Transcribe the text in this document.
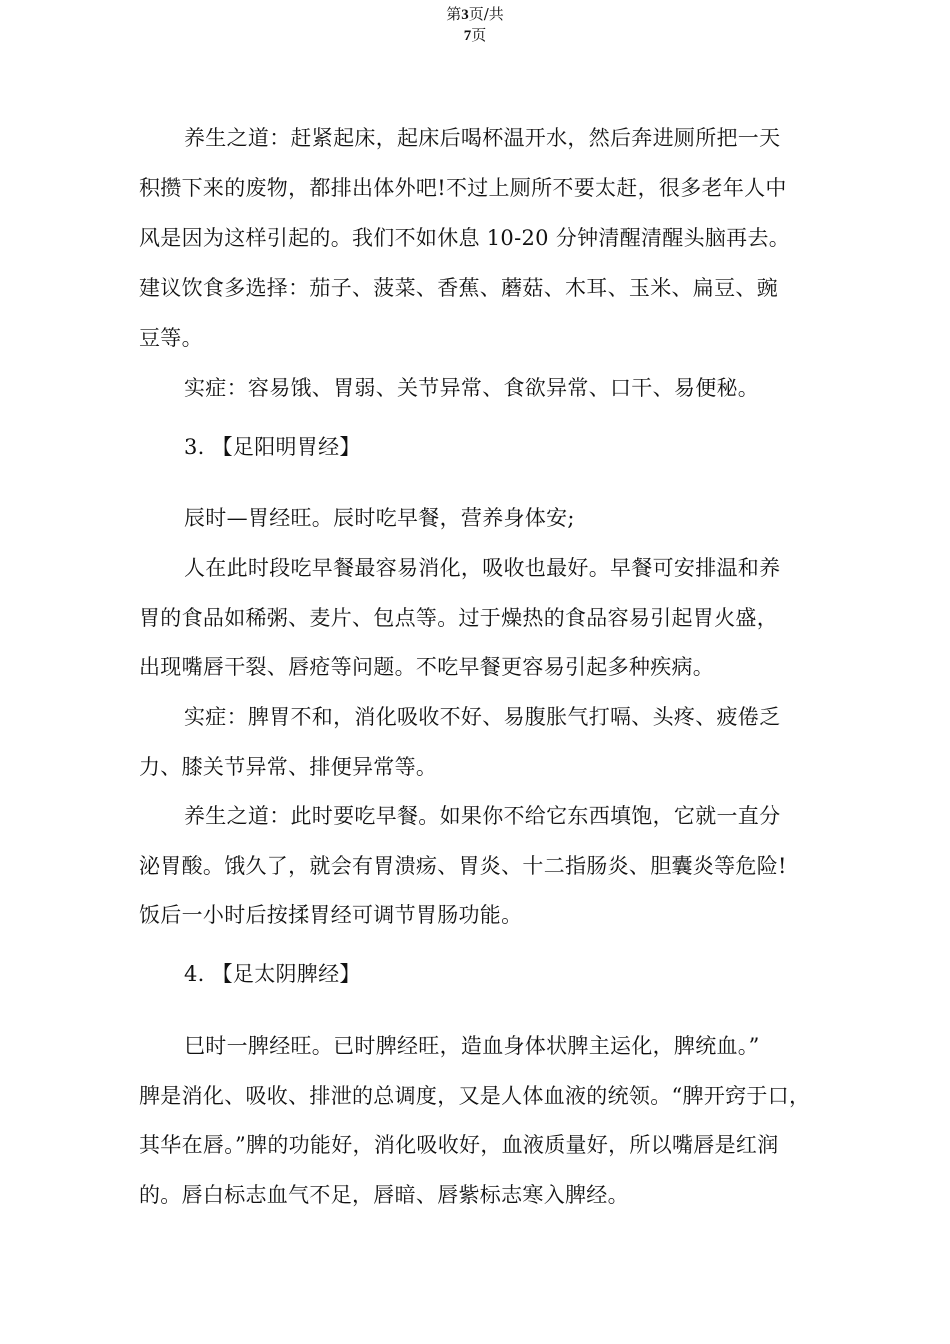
第3页/共
7页
养生之道：赶紧起床，起床后喝杯温开水，然后奔进厕所把一天
积攒下来的废物，都排出体外吧!不过上厕所不要太赶，很多老年人中
风是因为这样引起的。我们不如休息 10-20 分钟清醒清醒头脑再去。
建议饮食多选择：茄子、菠菜、香蕉、蘑菇、木耳、玉米、扁豆、豌
豆等。
实症：容易饿、胃弱、关节异常、食欲异常、口干、易便秘。
3. 【足阳明胃经】
辰时—胃经旺。辰时吃早餐，营养身体安;
人在此时段吃早餐最容易消化，吸收也最好。早餐可安排温和养
胃的食品如稀粥、麦片、包点等。过于燥热的食品容易引起胃火盛，
出现嘴唇干裂、唇疮等问题。不吃早餐更容易引起多种疾病。
实症：脾胃不和，消化吸收不好、易腹胀气打嗝、头疼、疲倦乏
力、膝关节异常、排便异常等。
养生之道：此时要吃早餐。如果你不给它东西填饱，它就一直分
泌胃酸。饿久了，就会有胃溃疡、胃炎、十二指肠炎、胆囊炎等危险!
饭后一小时后按揉胃经可调节胃肠功能。
4. 【足太阴脾经】
巳时一脾经旺。已时脾经旺，造血身体状脾主运化，脾统血。”
脾是消化、吸收、排泄的总调度，又是人体血液的统领。“脾开窍于口，
其华在唇。”脾的功能好，消化吸收好，血液质量好，所以嘴唇是红润
的。唇白标志血气不足，唇暗、唇紫标志寒入脾经。
